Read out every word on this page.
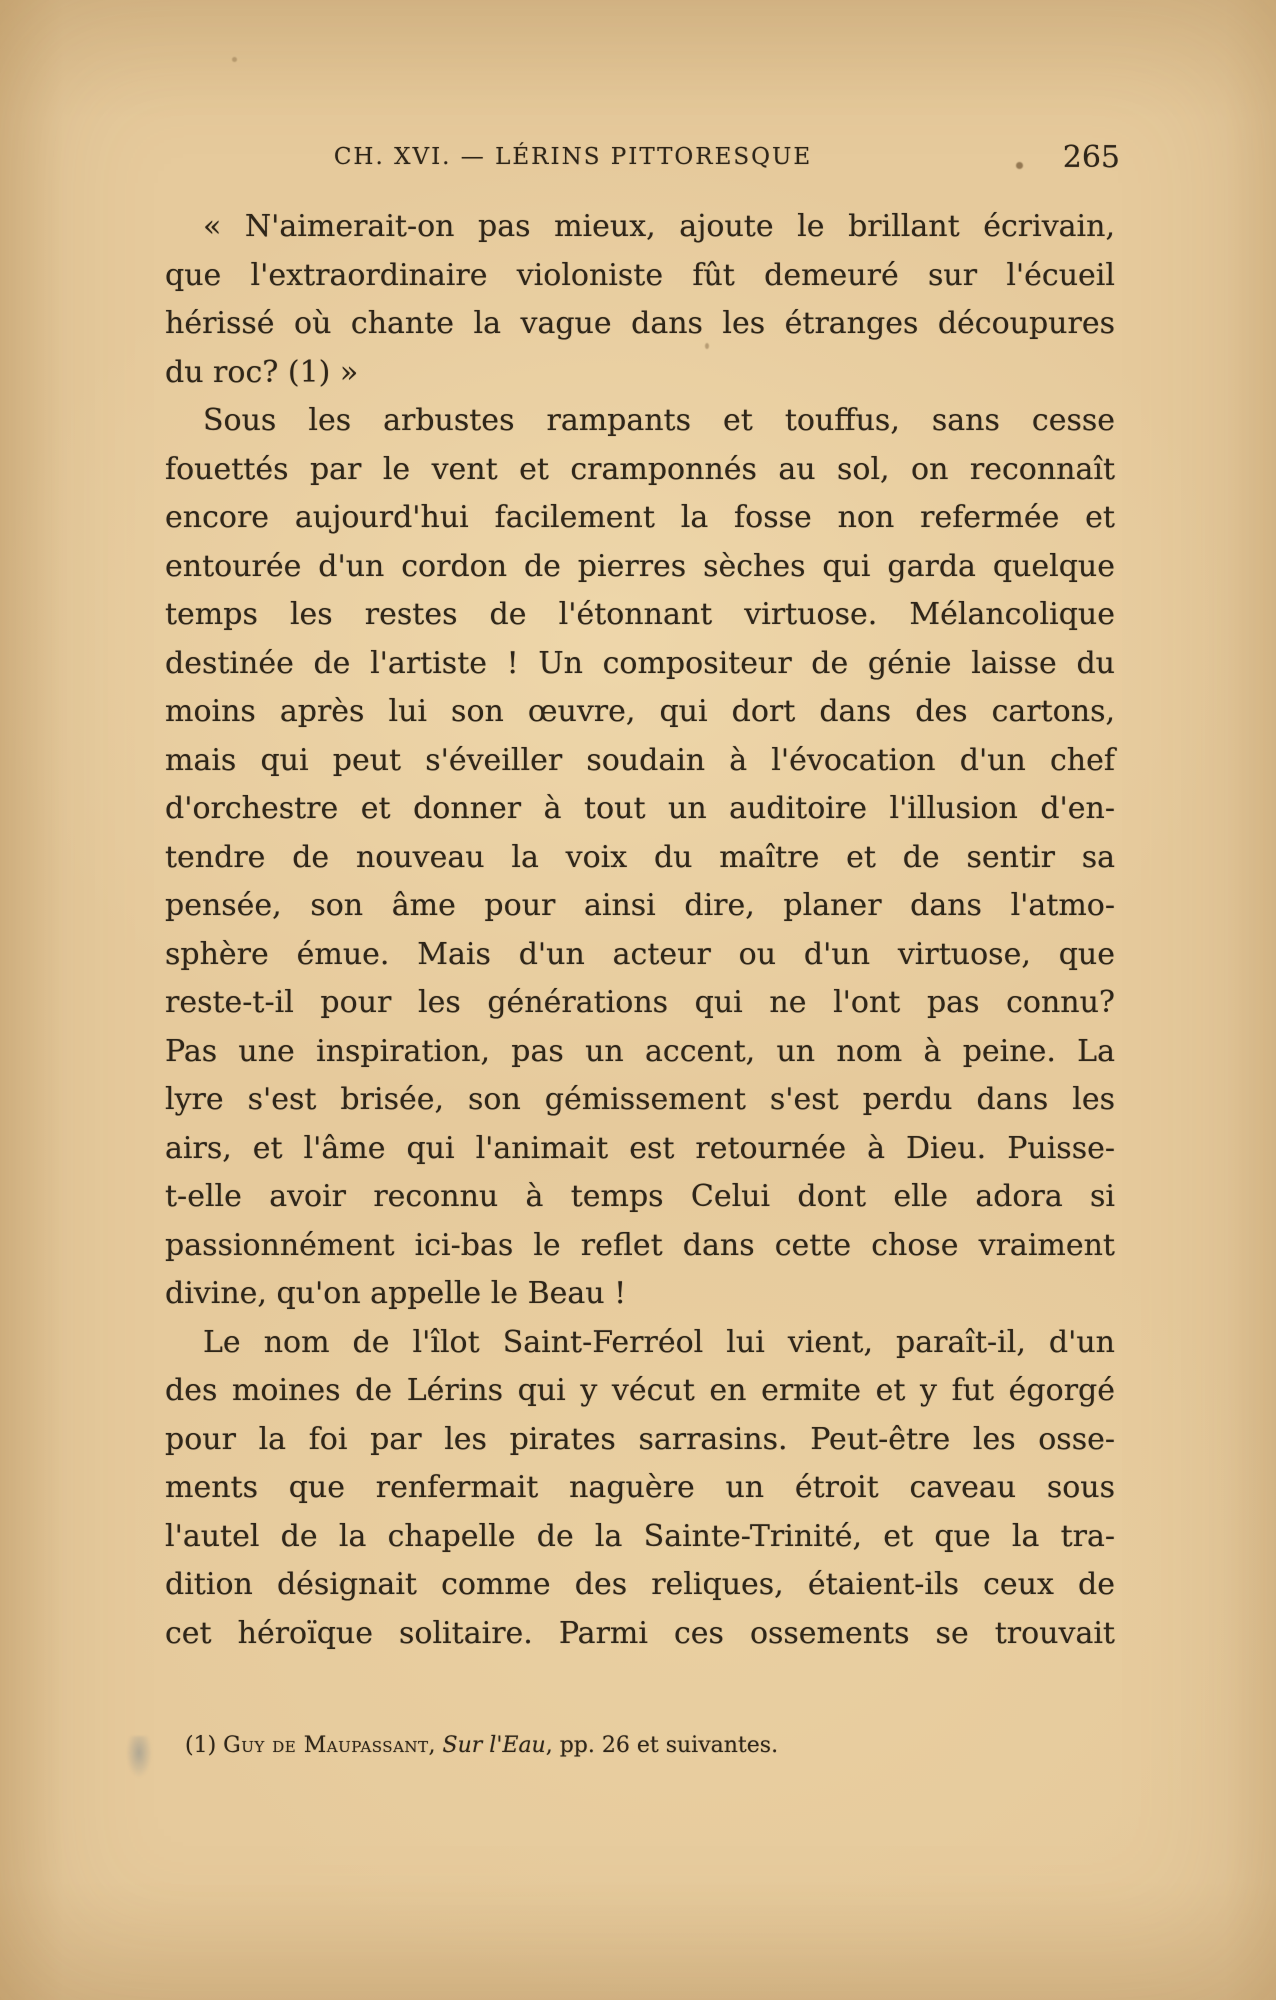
CH. XVI. — LÉRINS PITTORESQUE	265
« N'aimerait-on pas mieux, ajoute le brillant écrivain,
que l'extraordinaire violoniste fût demeuré sur l'écueil
hérissé où chante la vague dans les étranges découpures
du roc? (1) »
Sous les arbustes rampants et touffus, sans cesse
fouettés par le vent et cramponnés au sol, on reconnaît
encore aujourd'hui facilement la fosse non refermée et
entourée d'un cordon de pierres sèches qui garda quelque
temps les restes de l'étonnant virtuose. Mélancolique
destinée de l'artiste ! Un compositeur de génie laisse du
moins après lui son œuvre, qui dort dans des cartons,
mais qui peut s'éveiller soudain à l'évocation d'un chef
d'orchestre et donner à tout un auditoire l'illusion d'en-
tendre de nouveau la voix du maître et de sentir sa
pensée, son âme pour ainsi dire, planer dans l'atmo-
sphère émue. Mais d'un acteur ou d'un virtuose, que
reste-t-il pour les générations qui ne l'ont pas connu?
Pas une inspiration, pas un accent, un nom à peine. La
lyre s'est brisée, son gémissement s'est perdu dans les
airs, et l'âme qui l'animait est retournée à Dieu. Puisse-
t-elle avoir reconnu à temps Celui dont elle adora si
passionnément ici-bas le reflet dans cette chose vraiment
divine, qu'on appelle le Beau !
Le nom de l'îlot Saint-Ferréol lui vient, paraît-il, d'un
des moines de Lérins qui y vécut en ermite et y fut égorgé
pour la foi par les pirates sarrasins. Peut-être les osse-
ments que renfermait naguère un étroit caveau sous
l'autel de la chapelle de la Sainte-Trinité, et que la tra-
dition désignait comme des reliques, étaient-ils ceux de
cet héroïque solitaire. Parmi ces ossements se trouvait
(1) Guy de Maupassant, Sur l'Eau, pp. 26 et suivantes.
